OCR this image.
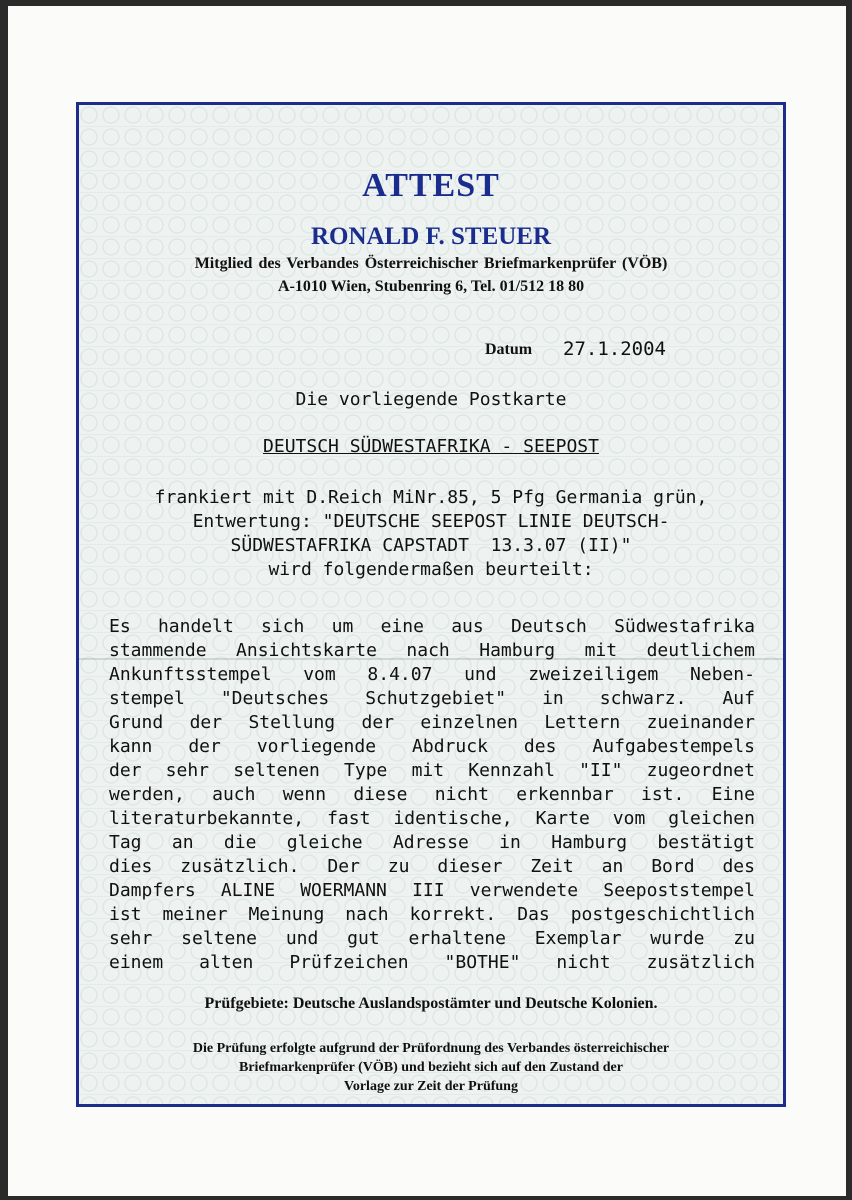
ATTEST
RONALD F. STEUER
Mitglied des Verbandes Österreichischer Briefmarkenprüfer (VÖB)
A-1010 Wien, Stubenring 6, Tel. 01/512 18 80
Datum 27.1.2004
Die vorliegende Postkarte
DEUTSCH SÜDWESTAFRIKA - SEEPOST
frankiert mit D.Reich MiNr.85, 5 Pfg Germania grün,
Entwertung: "DEUTSCHE SEEPOST LINIE DEUTSCH-
SÜDWESTAFRIKA CAPSTADT  13.3.07 (II)"
wird folgendermaßen beurteilt:
Es handelt sich um eine aus Deutsch Südwestafrika
stammende Ansichtskarte nach Hamburg mit deutlichem
Ankunftsstempel vom 8.4.07 und zweizeiligem Neben-
stempel "Deutsches Schutzgebiet" in schwarz. Auf
Grund der Stellung der einzelnen Lettern zueinander
kann der vorliegende Abdruck des Aufgabestempels
der sehr seltenen Type mit Kennzahl "II" zugeordnet
werden, auch wenn diese nicht erkennbar ist. Eine
literaturbekannte, fast identische, Karte vom gleichen
Tag an die gleiche Adresse in Hamburg bestätigt
dies zusätzlich. Der zu dieser Zeit an Bord des
Dampfers ALINE WOERMANN III verwendete Seepoststempel
ist meiner Meinung nach korrekt. Das postgeschichtlich
sehr seltene und gut erhaltene Exemplar wurde zu
einem alten Prüfzeichen "BOTHE" nicht zusätzlich
Prüfgebiete: Deutsche Auslandspostämter und Deutsche Kolonien.
Die Prüfung erfolgte aufgrund der Prüfordnung des Verbandes österreichischer
Briefmarkenprüfer (VÖB) und bezieht sich auf den Zustand der
Vorlage zur Zeit der Prüfung
